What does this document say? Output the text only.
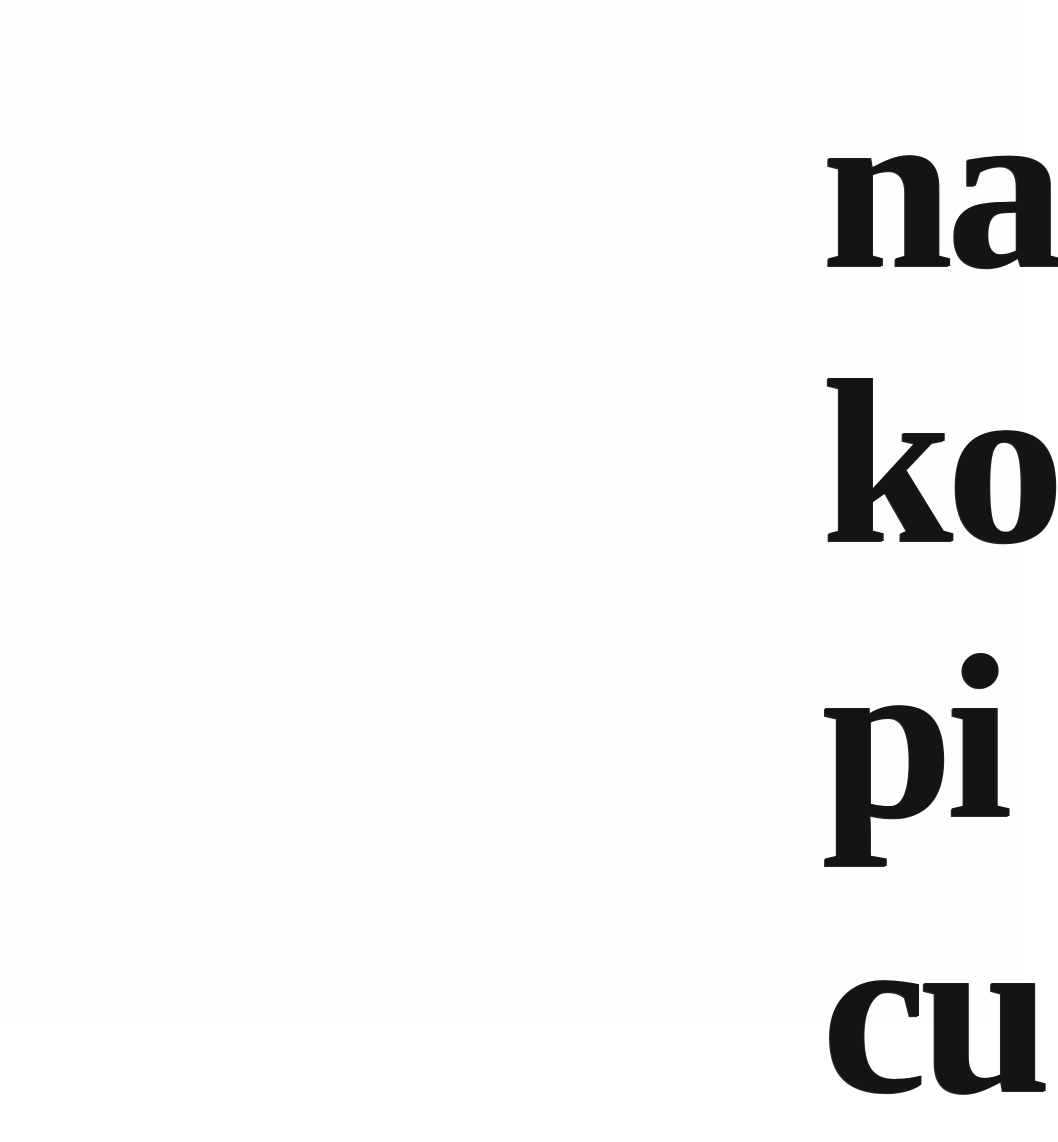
na

ko

pi

cu
